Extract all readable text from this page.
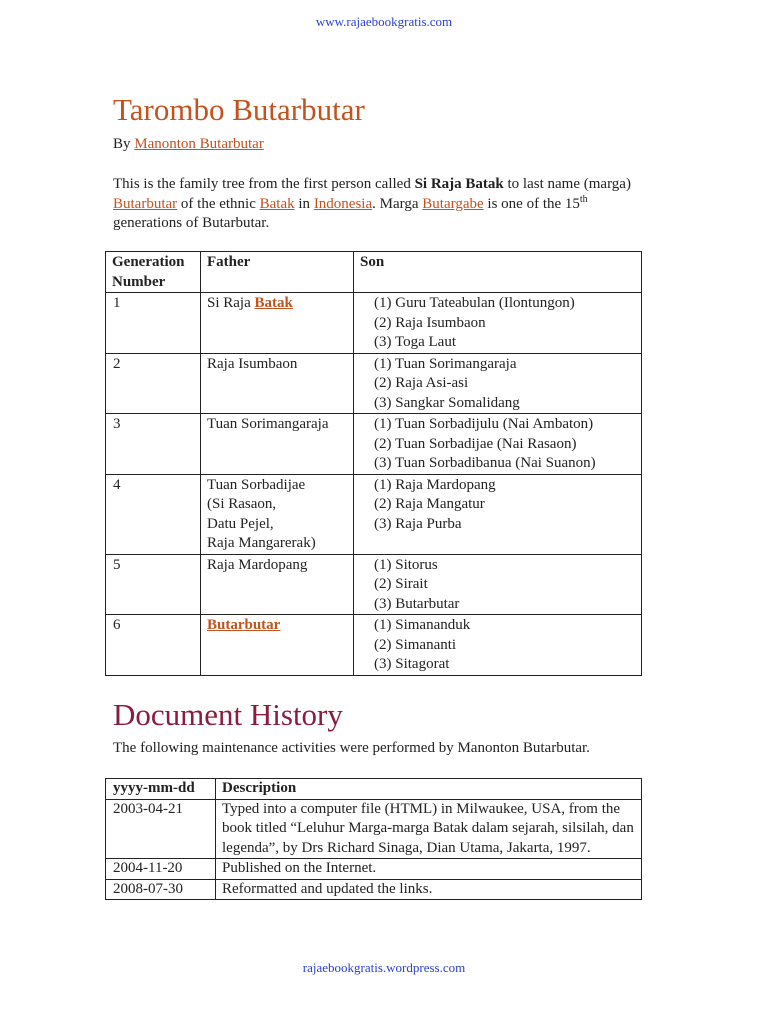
www.rajaebookgratis.com
Tarombo Butarbutar
By Manonton Butarbutar
This is the family tree from the first person called Si Raja Batak to last name (marga) Butarbutar of the ethnic Batak in Indonesia. Marga Butargabe is one of the 15th generations of Butarbutar.
Generation Number	Father	Son
1	Si Raja Batak	(1) Guru Tateabulan (Ilontungon)
(2) Raja Isumbaon
(3) Toga Laut

2	Raja Isumbaon	(1) Tuan Sorimangaraja
(2) Raja Asi-asi
(3) Sangkar Somalidang

3	Tuan Sorimangaraja	(1) Tuan Sorbadijulu (Nai Ambaton)
(2) Tuan Sorbadijae (Nai Rasaon)
(3) Tuan Sorbadibanua (Nai Suanon)

4	Tuan Sorbadijae
(Si Rasaon,
Datu Pejel,
Raja Mangarerak)	(1) Raja Mardopang
(2) Raja Mangatur
(3) Raja Purba

5	Raja Mardopang	(1) Sitorus
(2) Sirait
(3) Butarbutar

6	Butarbutar	(1) Simananduk
(2) Simananti
(3) Sitagorat
Document History
The following maintenance activities were performed by Manonton Butarbutar.
yyyy-mm-dd	Description
2003-04-21	Typed into a computer file (HTML) in Milwaukee, USA, from the book titled “Leluhur Marga-marga Batak dalam sejarah, silsilah, dan legenda”, by Drs Richard Sinaga, Dian Utama, Jakarta, 1997.
2004-11-20	Published on the Internet.
2008-07-30	Reformatted and updated the links.
rajaebookgratis.wordpress.com
